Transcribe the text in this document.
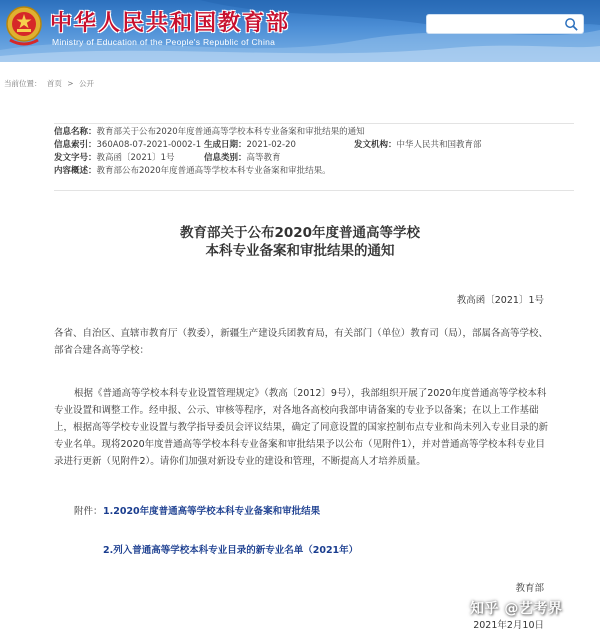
中华人民共和国教育部
Ministry of Education of the People's Republic of China
当前位置： 首页 > 公开
信息名称：教育部关于公布2020年度普通高等学校本科专业备案和审批结果的通知
信息索引：360A08-07-2021-0002-1 生成日期：2021-02-20	发文机构：中华人民共和国教育部
发文字号：教高函〔2021〕1号	信息类别：高等教育
内容概述：教育部公布2020年度普通高等学校本科专业备案和审批结果。
教育部关于公布2020年度普通高等学校
本科专业备案和审批结果的通知
教高函〔2021〕1号
各省、自治区、直辖市教育厅（教委），新疆生产建设兵团教育局，有关部门（单位）教育司（局），部属各高等学校、部省合建各高等学校：
根据《普通高等学校本科专业设置管理规定》（教高〔2012〕9号），我部组织开展了2020年度普通高等学校本科专业设置和调整工作。经申报、公示、审核等程序，对各地各高校向我部申请备案的专业予以备案；在以上工作基础上，根据高等学校专业设置与教学指导委员会评议结果，确定了同意设置的国家控制布点专业和尚未列入专业目录的新专业名单。现将2020年度普通高等学校本科专业备案和审批结果予以公布（见附件1），并对普通高等学校本科专业目录进行更新（见附件2）。请你们加强对新设专业的建设和管理，不断提高人才培养质量。
附件： 1.2020年度普通高等学校本科专业备案和审批结果
2.列入普通高等学校本科专业目录的新专业名单（2021年）
教育部
知乎 @艺考界
2021年2月10日
